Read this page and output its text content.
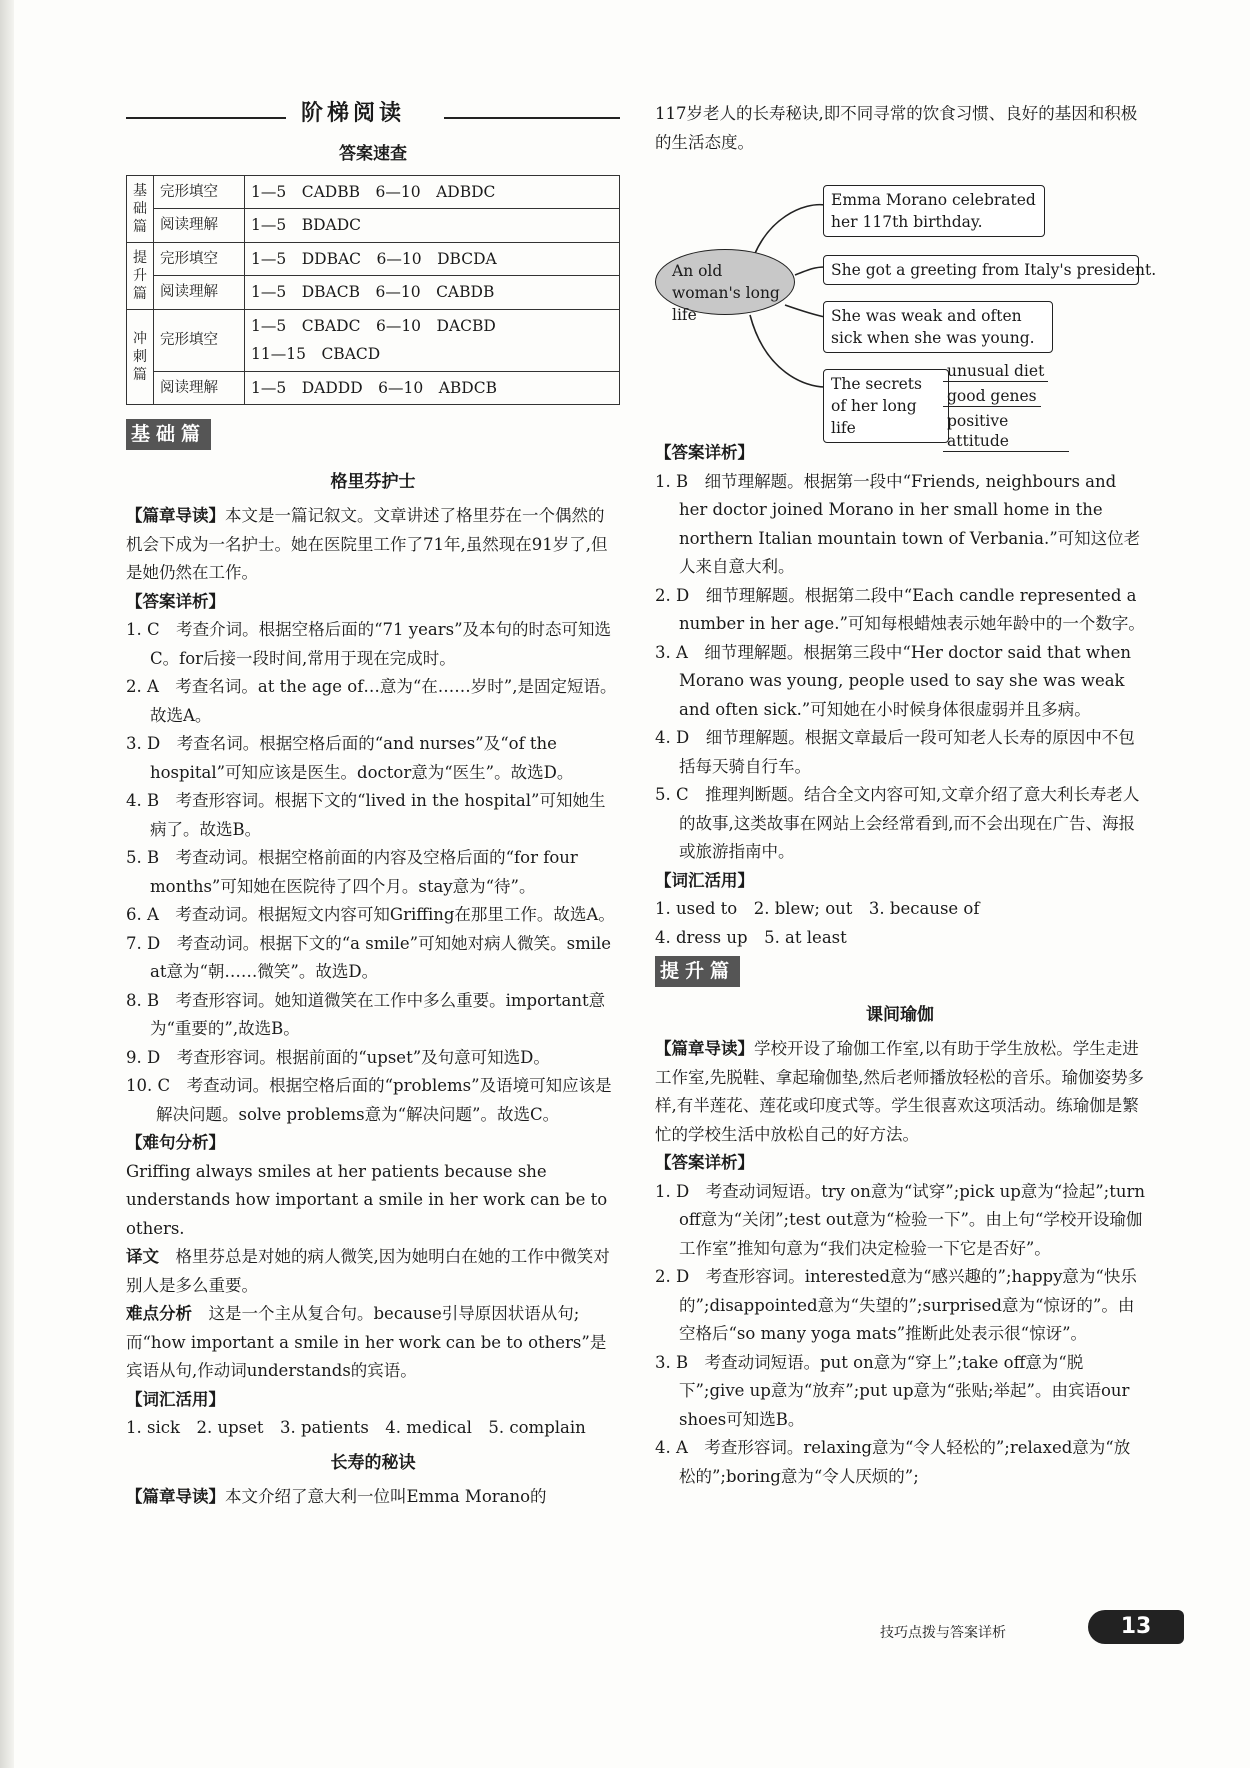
阶梯阅读
答案速查
基础篇	完形填空	1—5　CADBB　6—10　ADBDC
	阅读理解	1—5　BDADC
提升篇	完形填空	1—5　DDBAC　6—10　DBCDA
	阅读理解	1—5　DBACB　6—10　CABDB
冲刺篇	完形填空	1—5　CBADC　6—10　DACBD
11—15　CBACD

	阅读理解	1—5　DADDD　6—10　ABDCB
基础篇
格里芬护士

【篇章导读】本文是一篇记叙文。文章讲述了格里芬在一个偶然的机会下成为一名护士。她在医院里工作了71年,虽然现在91岁了,但是她仍然在工作。

【答案详析】

1. C　考查介词。根据空格后面的“71 years”及本句的时态可知选C。for后接一段时间,常用于现在完成时。

2. A　考查名词。at the age of…意为“在……岁时”,是固定短语。故选A。

3. D　考查名词。根据空格后面的“and nurses”及“of the hospital”可知应该是医生。doctor意为“医生”。故选D。

4. B　考查形容词。根据下文的“lived in the hospital”可知她生病了。故选B。

5. B　考查动词。根据空格前面的内容及空格后面的“for four months”可知她在医院待了四个月。stay意为“待”。

6. A　考查动词。根据短文内容可知Griffing在那里工作。故选A。

7. D　考查动词。根据下文的“a smile”可知她对病人微笑。smile at意为“朝……微笑”。故选D。

8. B　考查形容词。她知道微笑在工作中多么重要。important意为“重要的”,故选B。

9. D　考查形容词。根据前面的“upset”及句意可知选D。

10. C　考查动词。根据空格后面的“problems”及语境可知应该是解决问题。solve problems意为“解决问题”。故选C。

【难句分析】

Griffing always smiles at her patients because she understands how important a smile in her work can be to others.

译文　 格里芬总是对她的病人微笑,因为她明白在她的工作中微笑对别人是多么重要。

难点分析　 这是一个主从复合句。because引导原因状语从句;而“how important a smile in her work can be to others”是宾语从句,作动词understands的宾语。

【词汇活用】

1. sick　2. upset　3. patients　4. medical　5. complain

长寿的秘诀

【篇章导读】本文介绍了意大利一位叫Emma Morano的

117岁老人的长寿秘诀,即不同寻常的饮食习惯、良好的基因和积极的生活态度。

An old woman's long life
Emma Morano celebrated her 117th birthday.
She got a greeting from Italy's president.
She was weak and often sick when she was young.
The secrets of her long life
unusual diet
good genes
positive attitude

【答案详析】

1. B　细节理解题。根据第一段中“Friends, neighbours and her doctor joined Morano in her small home in the northern Italian mountain town of Verbania.”可知这位老人来自意大利。

2. D　细节理解题。根据第二段中“Each candle represented a number in her age.”可知每根蜡烛表示她年龄中的一个数字。

3. A　细节理解题。根据第三段中“Her doctor said that when Morano was young, people used to say she was weak and often sick.”可知她在小时候身体很虚弱并且多病。

4. D　细节理解题。根据文章最后一段可知老人长寿的原因中不包括每天骑自行车。

5. C　推理判断题。结合全文内容可知,文章介绍了意大利长寿老人的故事,这类故事在网站上会经常看到,而不会出现在广告、海报或旅游指南中。

【词汇活用】

1. used to　2. blew; out　3. because of

4. dress up　5. at least

提升篇
课间瑜伽

【篇章导读】学校开设了瑜伽工作室,以有助于学生放松。学生走进工作室,先脱鞋、拿起瑜伽垫,然后老师播放轻松的音乐。瑜伽姿势多样,有半莲花、莲花或印度式等。学生很喜欢这项活动。练瑜伽是繁忙的学校生活中放松自己的好方法。

【答案详析】

1. D　考查动词短语。try on意为“试穿”;pick up意为“捡起”;turn off意为“关闭”;test out意为“检验一下”。由上句“学校开设瑜伽工作室”推知句意为“我们决定检验一下它是否好”。

2. D　考查形容词。interested意为“感兴趣的”;happy意为“快乐的”;disappointed意为“失望的”;surprised意为“惊讶的”。由空格后“so many yoga mats”推断此处表示很“惊讶”。

3. B　考查动词短语。put on意为“穿上”;take off意为“脱下”;give up意为“放弃”;put up意为“张贴;举起”。由宾语our shoes可知选B。

4. A　考查形容词。relaxing意为“令人轻松的”;relaxed意为“放松的”;boring意为“令人厌烦的”;

技巧点拨与答案详析	13
